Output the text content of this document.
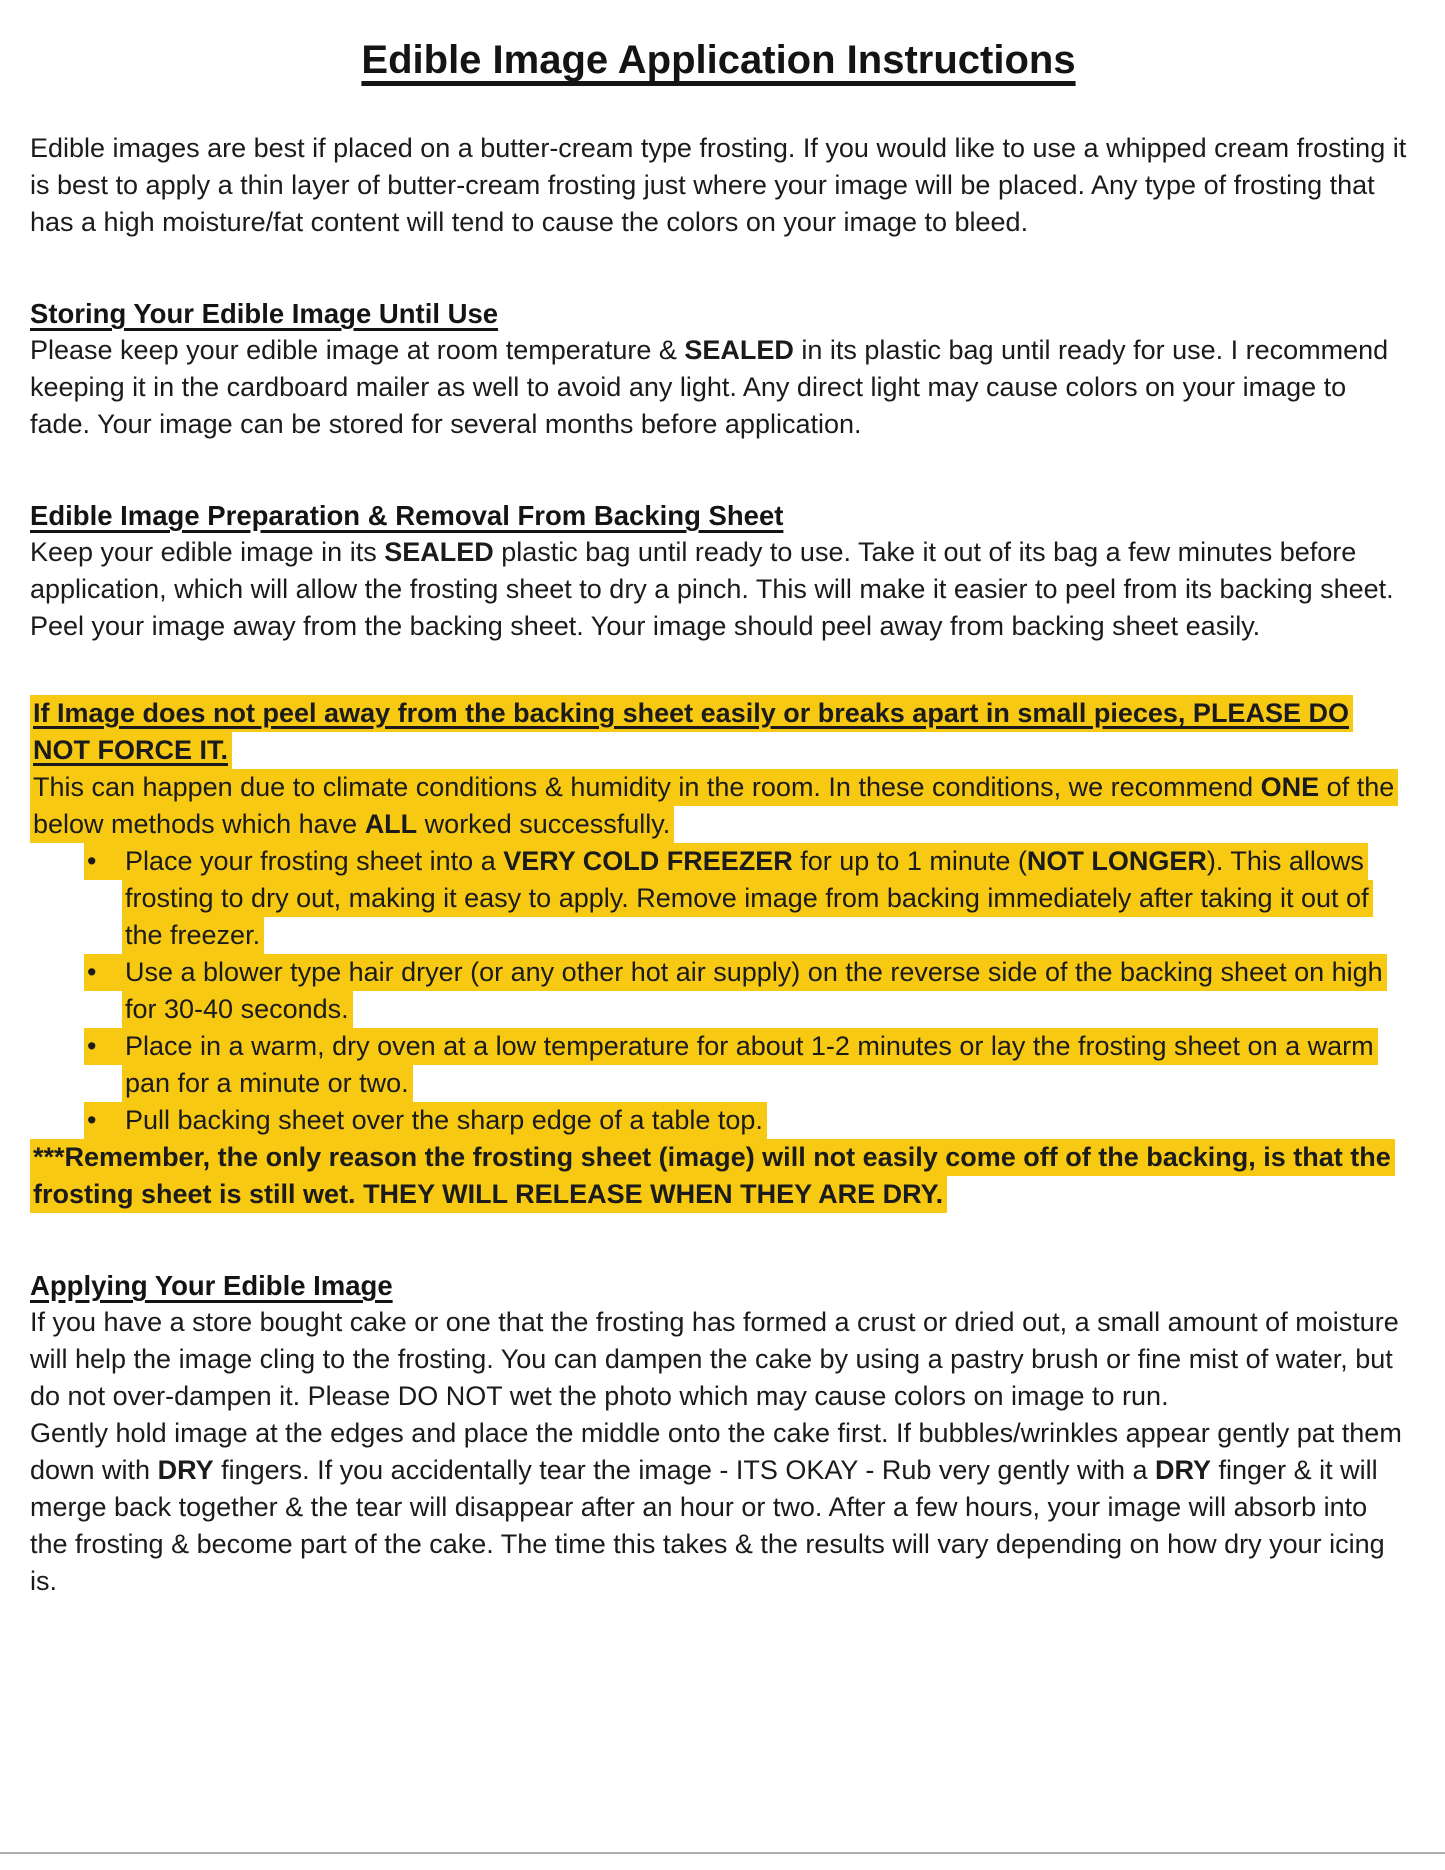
Edible Image Application Instructions

Edible images are best if placed on a butter-cream type frosting. If you would like to use a whipped cream frosting it is best to apply a thin layer of butter-cream frosting just where your image will be placed. Any type of frosting that has a high moisture/fat content will tend to cause the colors on your image to bleed.

Storing Your Edible Image Until Use

Please keep your edible image at room temperature & SEALED in its plastic bag until ready for use. I recommend keeping it in the cardboard mailer as well to avoid any light. Any direct light may cause colors on your image to fade. Your image can be stored for several months before application.

Edible Image Preparation & Removal From Backing Sheet

Keep your edible image in its SEALED plastic bag until ready to use. Take it out of its bag a few minutes before application, which will allow the frosting sheet to dry a pinch. This will make it easier to peel from its backing sheet. Peel your image away from the backing sheet. Your image should peel away from backing sheet easily.

If Image does not peel away from the backing sheet easily or breaks apart in small pieces, PLEASE DO NOT FORCE IT.

This can happen due to climate conditions & humidity in the room. In these conditions, we recommend ONE of the below methods which have ALL worked successfully.

• Place your frosting sheet into a VERY COLD FREEZER for up to 1 minute (NOT LONGER). This allows frosting to dry out, making it easy to apply. Remove image from backing immediately after taking it out of the freezer.

• Use a blower type hair dryer (or any other hot air supply) on the reverse side of the backing sheet on high for 30-40 seconds.

• Place in a warm, dry oven at a low temperature for about 1-2 minutes or lay the frosting sheet on a warm pan for a minute or two.

• Pull backing sheet over the sharp edge of a table top.

***Remember, the only reason the frosting sheet (image) will not easily come off of the backing, is that the frosting sheet is still wet. THEY WILL RELEASE WHEN THEY ARE DRY.

Applying Your Edible Image

If you have a store bought cake or one that the frosting has formed a crust or dried out, a small amount of moisture will help the image cling to the frosting. You can dampen the cake by using a pastry brush or fine mist of water, but do not over-dampen it. Please DO NOT wet the photo which may cause colors on image to run.

Gently hold image at the edges and place the middle onto the cake first. If bubbles/wrinkles appear gently pat them down with DRY fingers. If you accidentally tear the image - ITS OKAY - Rub very gently with a DRY finger & it will merge back together & the tear will disappear after an hour or two. After a few hours, your image will absorb into the frosting & become part of the cake. The time this takes & the results will vary depending on how dry your icing is.
